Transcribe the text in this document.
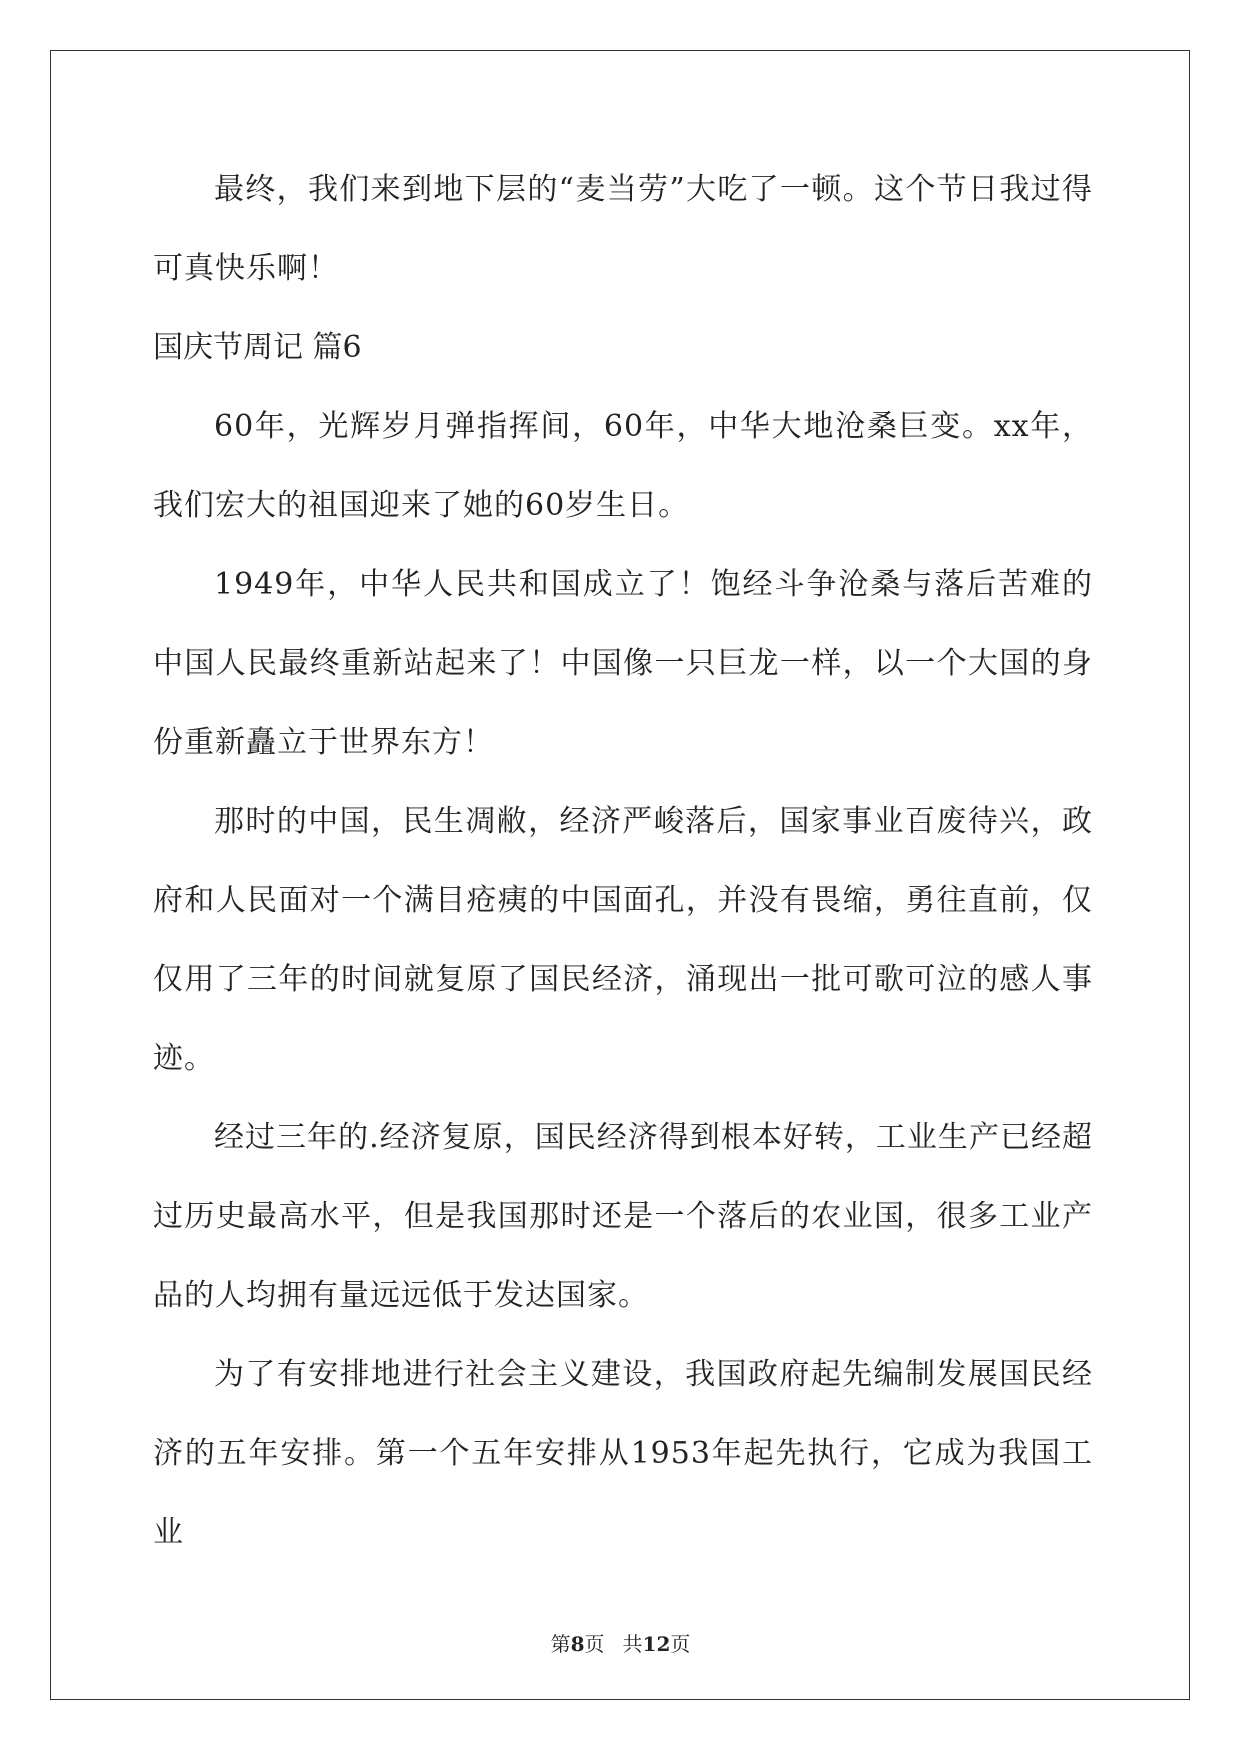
最终，我们来到地下层的“麦当劳”大吃了一顿。这个节日我过得可真快乐啊！

国庆节周记 篇6

60年，光辉岁月弹指挥间，60年，中华大地沧桑巨变。xx年，我们宏大的祖国迎来了她的60岁生日。

1949年，中华人民共和国成立了！饱经斗争沧桑与落后苦难的中国人民最终重新站起来了！中国像一只巨龙一样，以一个大国的身份重新矗立于世界东方！

那时的中国，民生凋敝，经济严峻落后，国家事业百废待兴，政府和人民面对一个满目疮痍的中国面孔，并没有畏缩，勇往直前，仅仅用了三年的时间就复原了国民经济，涌现出一批可歌可泣的感人事迹。

经过三年的.经济复原，国民经济得到根本好转，工业生产已经超过历史最高水平，但是我国那时还是一个落后的农业国，很多工业产品的人均拥有量远远低于发达国家。

为了有安排地进行社会主义建设，我国政府起先编制发展国民经济的五年安排。第一个五年安排从1953年起先执行，它成为我国工业

第8页 共12页
